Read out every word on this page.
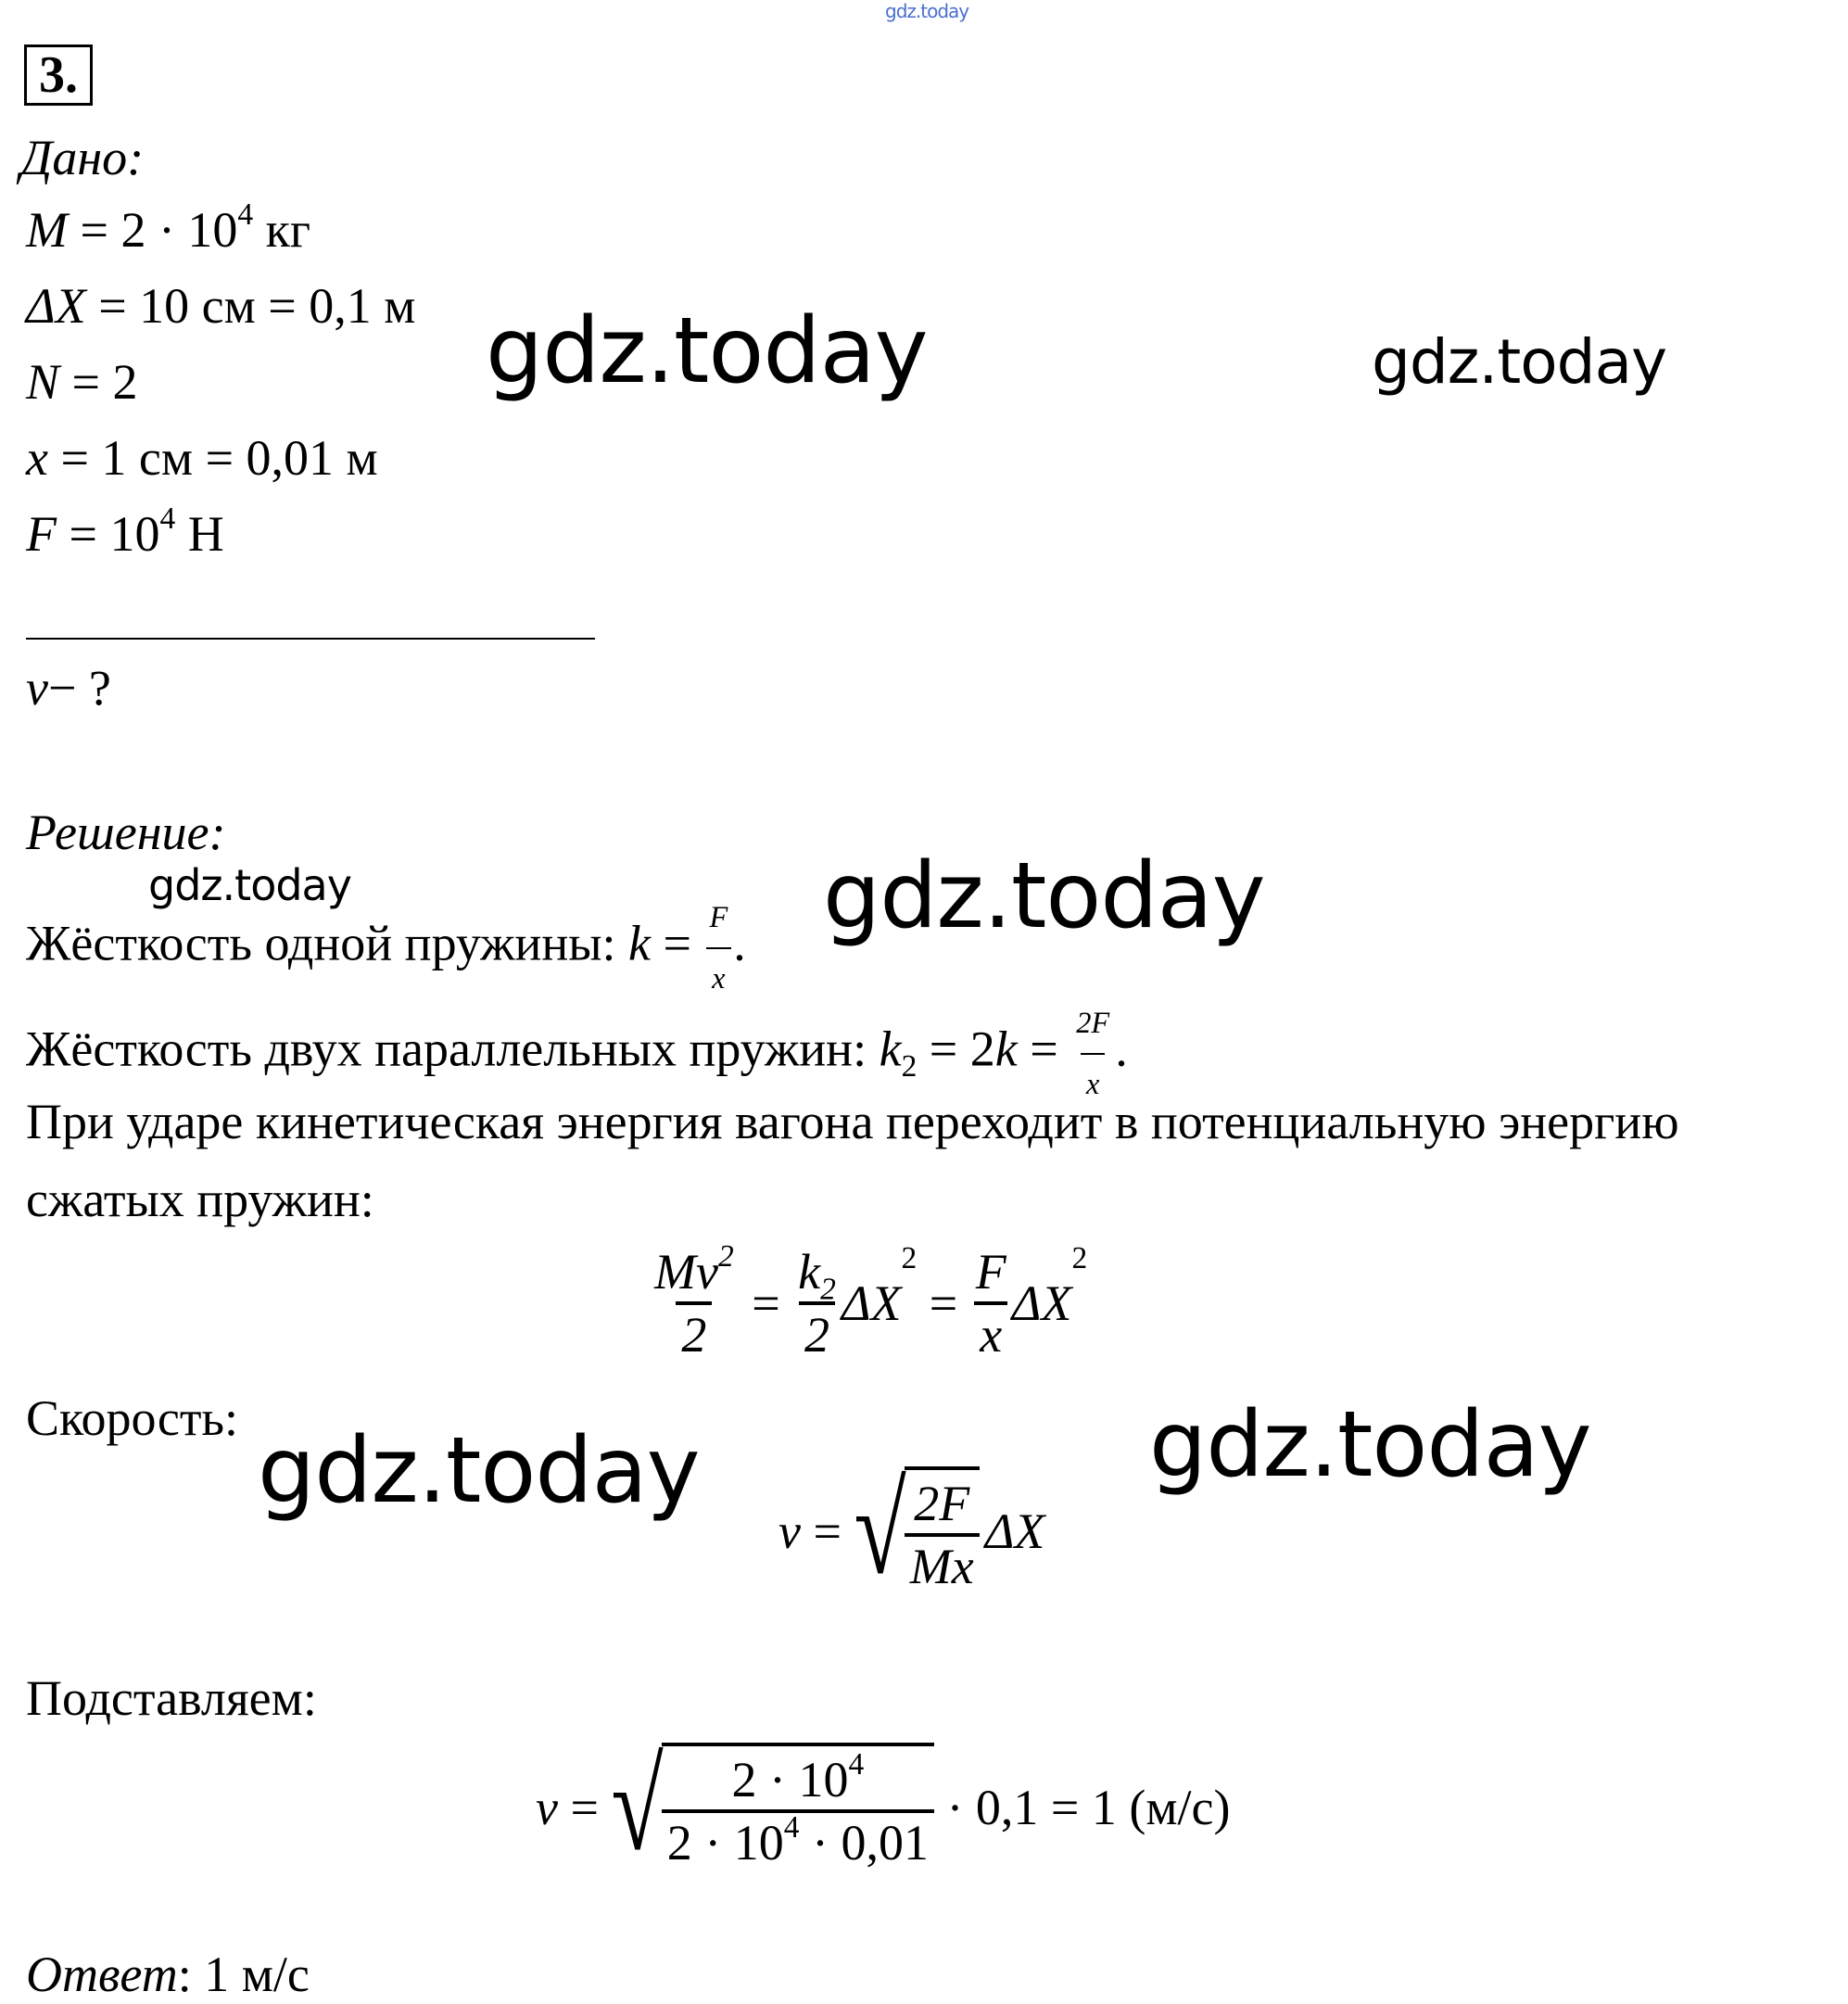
gdz.today
3.
Дано:
$M = 2 \cdot 10^4$ кг
ΔX = 10 см = 0,1 м
N = 2
x = 1 см = 0,01 м
$F = 10^4$ Н
v− ?
Решение:
Жёсткость одной пружины: $k = \frac{F}{x}$ .
Жёсткость двух параллельных пружин: $k_2 = 2k = \frac{2F}{x}$ .
При ударе кинетическая энергия вагона переходит в потенциальную энергию
сжатых пружин:
$\frac{Mv^2}{2} = \frac{k_2}{2}$ ΔX
2
= $\frac{F}{x}$ ΔX
2
Скорость:
v = √
$\frac{2F}{Mx}$ ΔX
Подставляем:
v = √
$\frac{2 \cdot 10^4}{2 \cdot 10^4 \cdot 0,01} \cdot 0,1 = 1$ (м/с)
Ответ: 1 м/с
gdz.today	gdz.today
gdz.today	gdz.today
gdz.today	gdz.today
